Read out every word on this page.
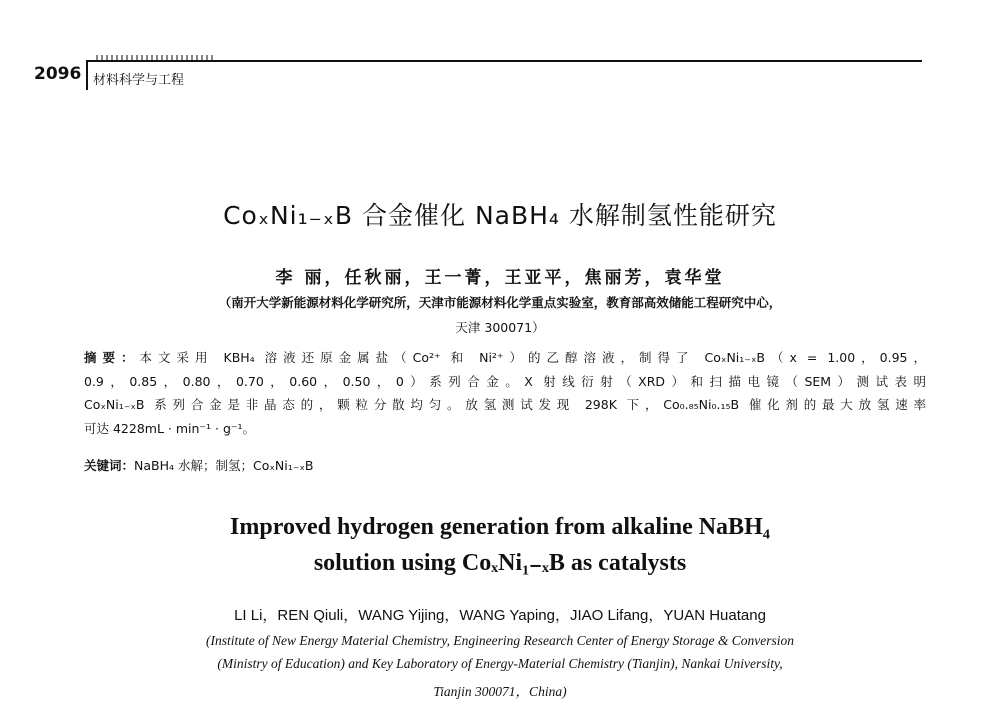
2096 材料科学与工程
CoₓNi₁₋ₓB 合金催化 NaBH₄ 水解制氢性能研究
李 丽，任秋丽，王一菁，王亚平，焦丽芳，袁华堂
（南开大学新能源材料化学研究所，天津市能源材料化学重点实验室，教育部高效储能工程研究中心，
天津 300071）
摘要：本文采用 KBH₄ 溶液还原金属盐（Co²⁺ 和 Ni²⁺）的乙醇溶液，制得了 CoₓNi₁₋ₓB（x = 1.00，0.95，
0.9，0.85，0.80，0.70，0.60，0.50，0）系列合金。X 射线衍射（XRD）和扫描电镜（SEM）测试表明
CoₓNi₁₋ₓB 系列合金是非晶态的，颗粒分散均匀。放氢测试发现 298K 下，Co₀.₈₅Ni₀.₁₅B 催化剂的最大放氢速率
可达 4228mL · min⁻¹ · g⁻¹。
关键词：NaBH₄ 水解；制氢；CoₓNi₁₋ₓB
Improved hydrogen generation from alkaline NaBH₄
solution using CoₓNi₁₋ₓB as catalysts
LI Li，REN Qiuli，WANG Yijing，WANG Yaping，JIAO Lifang，YUAN Huatang
(Institute of New Energy Material Chemistry, Engineering Research Center of Energy Storage & Conversion
(Ministry of Education) and Key Laboratory of Energy-Material Chemistry (Tianjin), Nankai University,
Tianjin 300071，China)
